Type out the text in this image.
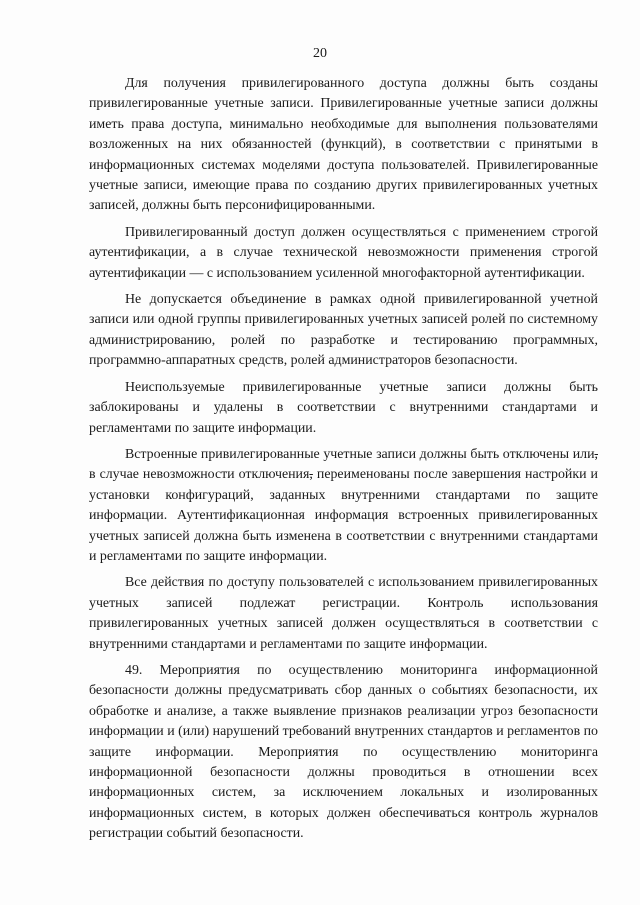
20

Для получения привилегированного доступа должны быть созданы привилегированные учетные записи. Привилегированные учетные записи должны иметь права доступа, минимально необходимые для выполнения пользователями возложенных на них обязанностей (функций), в соответствии с принятыми в информационных системах моделями доступа пользователей. Привилегированные учетные записи, имеющие права по созданию других привилегированных учетных записей, должны быть персонифицированными.

Привилегированный доступ должен осуществляться с применением строгой аутентификации, а в случае технической невозможности применения строгой аутентификации — с использованием усиленной многофакторной аутентификации.

Не допускается объединение в рамках одной привилегированной учетной записи или одной группы привилегированных учетных записей ролей по системному администрированию, ролей по разработке и тестированию программных, программно-аппаратных средств, ролей администраторов безопасности.

Неиспользуемые привилегированные учетные записи должны быть заблокированы и удалены в соответствии с внутренними стандартами и регламентами по защите информации.

Встроенные привилегированные учетные записи должны быть отключены или, в случае невозможности отключения, переименованы после завершения настройки и установки конфигураций, заданных внутренними стандартами по защите информации. Аутентификационная информация встроенных привилегированных учетных записей должна быть изменена в соответствии с внутренними стандартами и регламентами по защите информации.

Все действия по доступу пользователей с использованием привилегированных учетных записей подлежат регистрации. Контроль использования привилегированных учетных записей должен осуществляться в соответствии с внутренними стандартами и регламентами по защите информации.

49. Мероприятия по осуществлению мониторинга информационной безопасности должны предусматривать сбор данных о событиях безопасности, их обработке и анализе, а также выявление признаков реализации угроз безопасности информации и (или) нарушений требований внутренних стандартов и регламентов по защите информации. Мероприятия по осуществлению мониторинга информационной безопасности должны проводиться в отношении всех информационных систем, за исключением локальных и изолированных информационных систем, в которых должен обеспечиваться контроль журналов регистрации событий безопасности.
